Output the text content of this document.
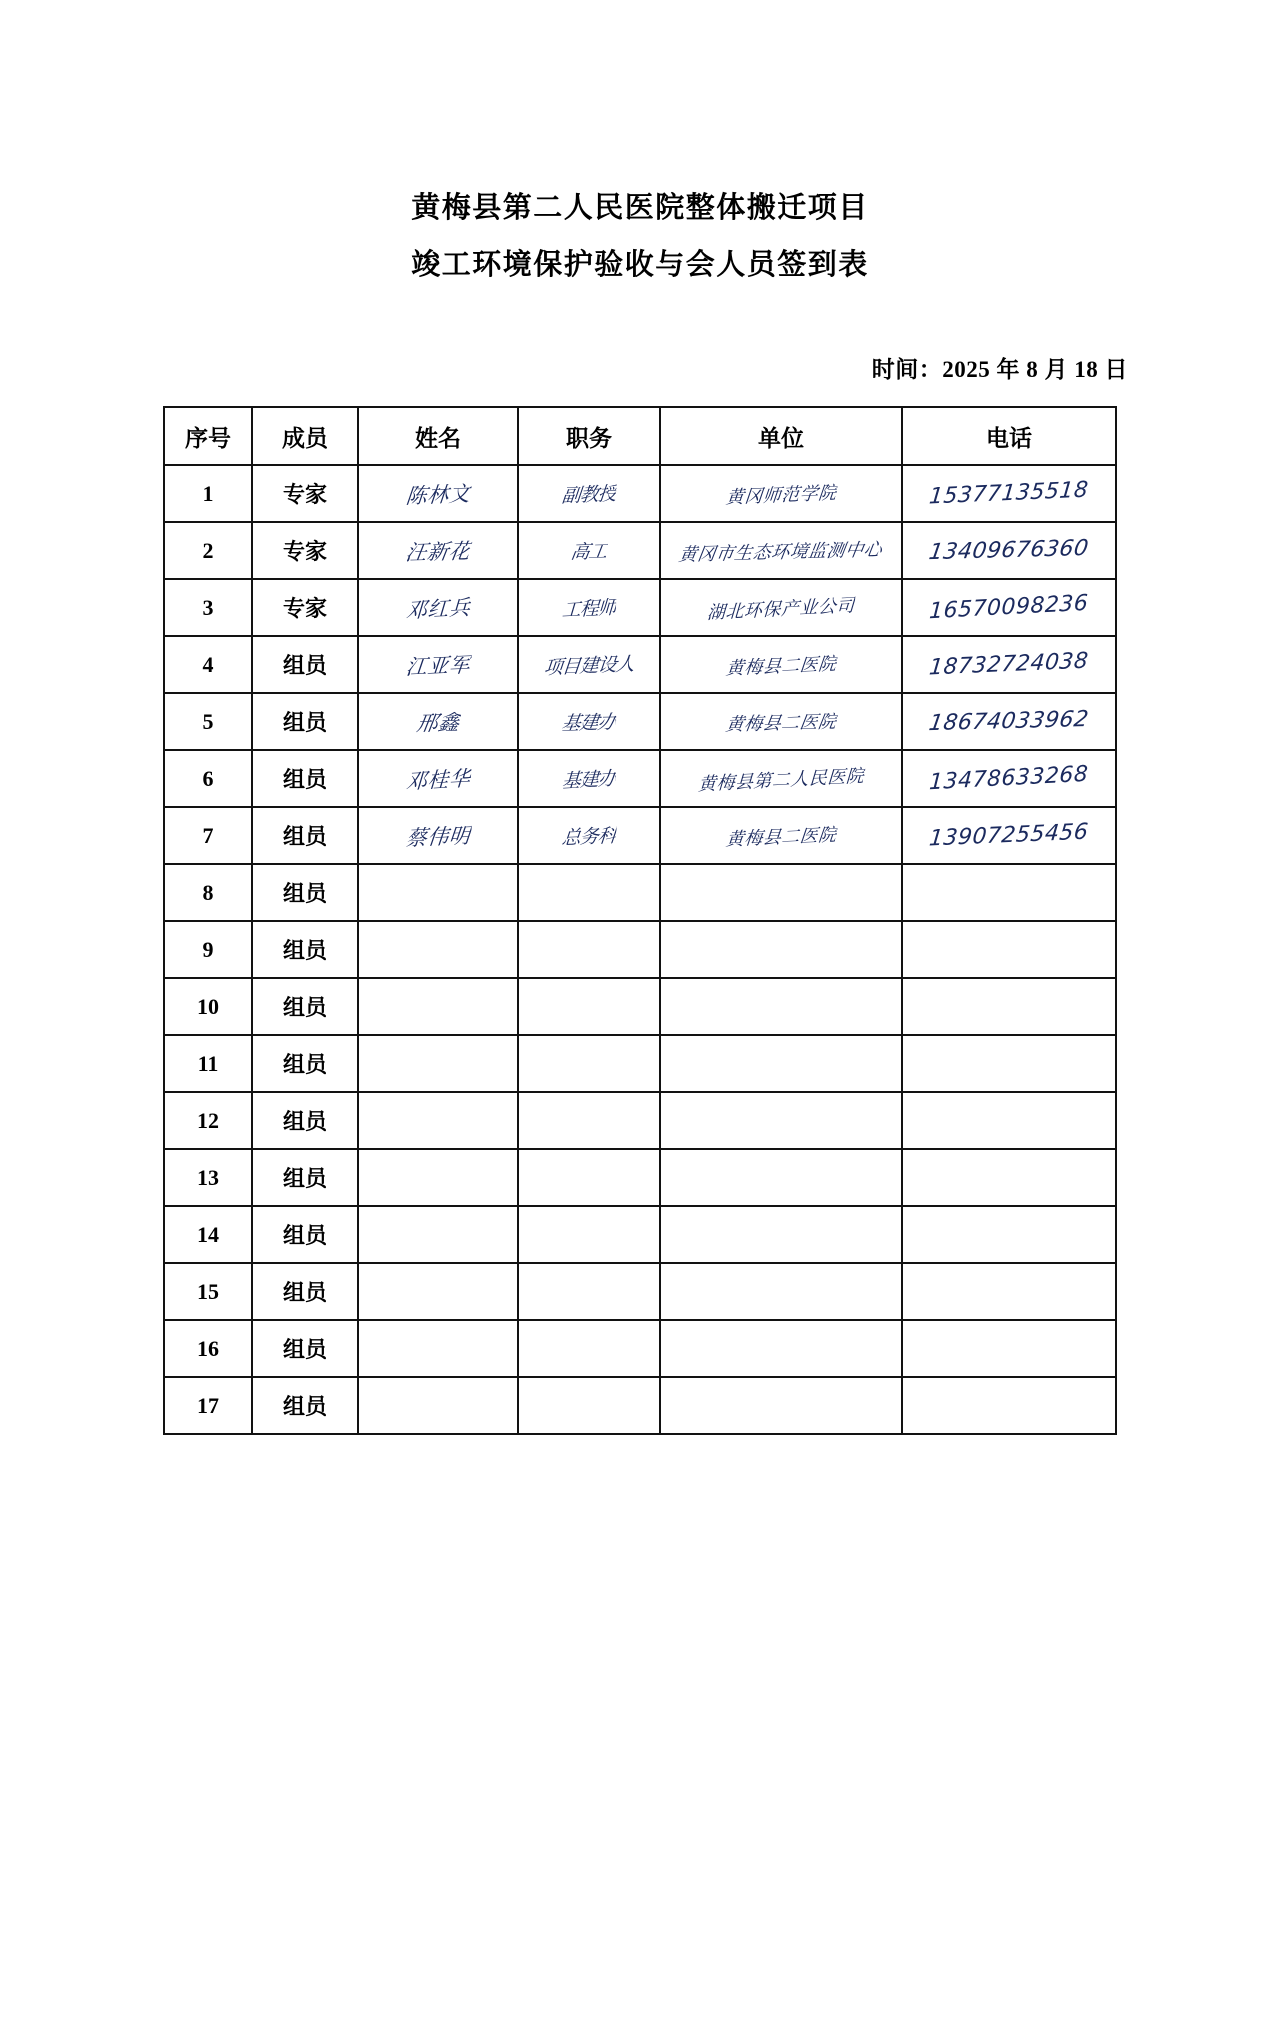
黄梅县第二人民医院整体搬迁项目
竣工环境保护验收与会人员签到表
时间：2025 年 8 月 18 日
序号	成员	姓名	职务	单位	电话

1	专家	陈林文	副教授	黄冈师范学院	15377135518

2	专家	汪新花	高工	黄冈市生态环境监测中心	13409676360

3	专家	邓红兵	工程师	湖北环保产业公司	16570098236

4	组员	江亚军	项目建设人	黄梅县二医院	18732724038

5	组员	邢鑫	基建办	黄梅县二医院	18674033962

6	组员	邓桂华	基建办	黄梅县第二人民医院	13478633268

7	组员	蔡伟明	总务科	黄梅县二医院	13907255456

8	组员				

9	组员				

10	组员				

11	组员				

12	组员				

13	组员				

14	组员				

15	组员				

16	组员				

17	组员				
